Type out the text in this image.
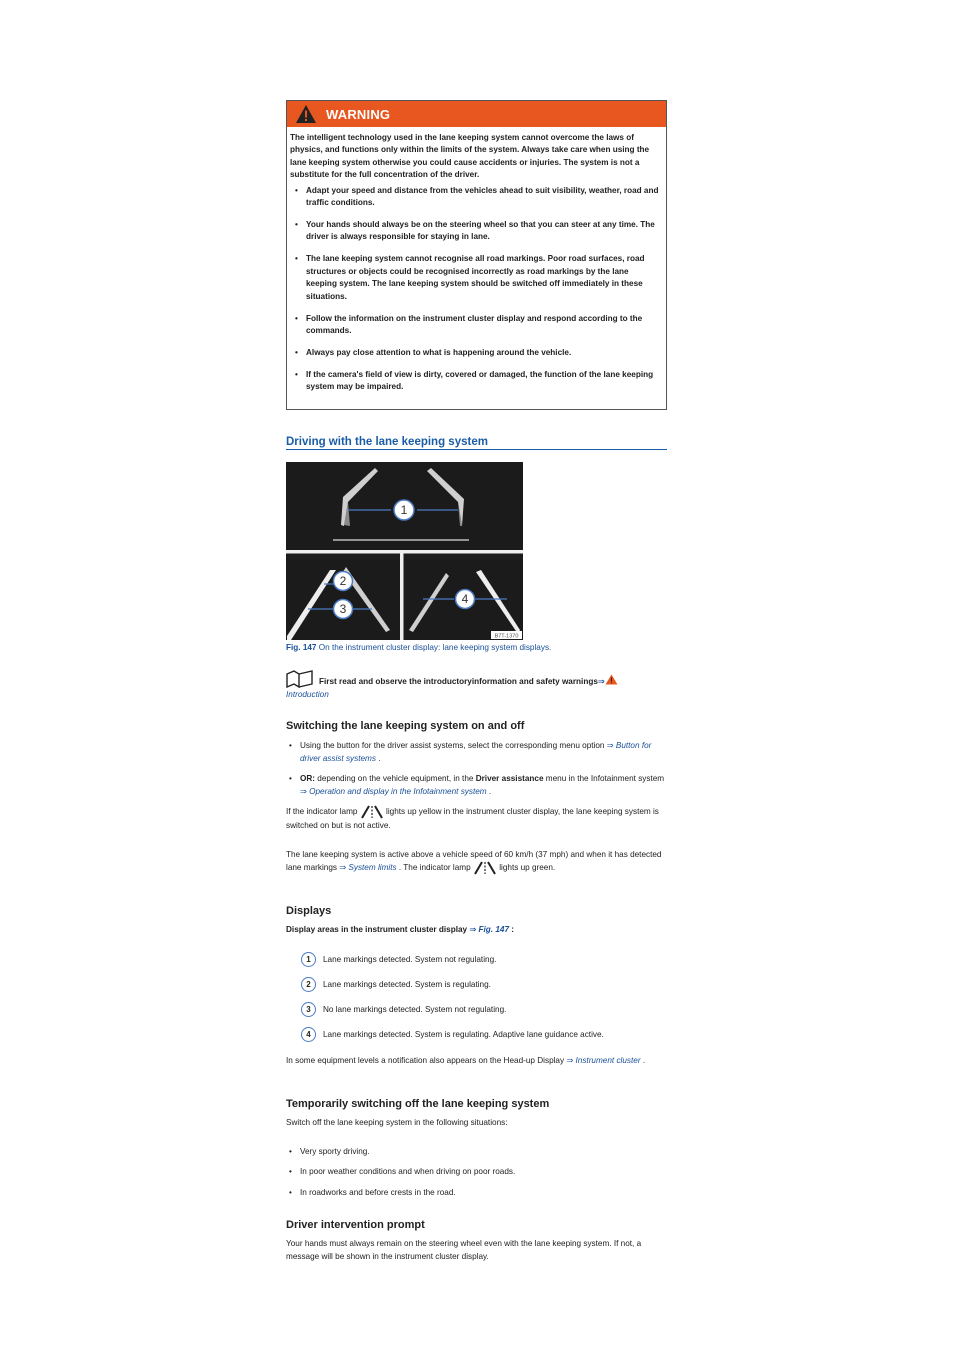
WARNING

The intelligent technology used in the lane keeping system cannot overcome the laws of physics, and functions only within the limits of the system. Always take care when using the lane keeping system otherwise you could cause accidents or injuries. The system is not a substitute for the full concentration of the driver.

• Adapt your speed and distance from the vehicles ahead to suit visibility, weather, road and traffic conditions.
• Your hands should always be on the steering wheel so that you can steer at any time. The driver is always responsible for staying in lane.
• The lane keeping system cannot recognise all road markings. Poor road surfaces, road structures or objects could be recognised incorrectly as road markings by the lane keeping system. The lane keeping system should be switched off immediately in these situations.
• Follow the information on the instrument cluster display and respond according to the commands.
• Always pay close attention to what is happening around the vehicle.
• If the camera's field of view is dirty, covered or damaged, the function of the lane keeping system may be impaired.
Driving with the lane keeping system
1
2
3
4
B7T-1370
Fig. 147 On the instrument cluster display: lane keeping system displays.
First read and observe the introductoryinformation and safety warnings⇒
Introduction
Switching the lane keeping system on and off
• Using the button for the driver assist systems, select the corresponding menu option ⇒ Button for driver assist systems .
• OR: depending on the vehicle equipment, in the Driver assistance menu in the Infotainment system ⇒ Operation and display in the Infotainment system .
If the indicator lamp	lights up yellow in the instrument cluster display, the lane keeping system is switched on but is not active.
The lane keeping system is active above a vehicle speed of 60 km/h (37 mph) and when it has detected lane markings ⇒ System limits . The indicator lamp	lights up green.
Displays
Display areas in the instrument cluster display ⇒ Fig. 147 :
1	Lane markings detected. System not regulating.
2	Lane markings detected. System is regulating.
3	No lane markings detected. System not regulating.
4	Lane markings detected. System is regulating. Adaptive lane guidance active.
In some equipment levels a notification also appears on the Head-up Display ⇒ Instrument cluster .
Temporarily switching off the lane keeping system
Switch off the lane keeping system in the following situations:
• Very sporty driving.
• In poor weather conditions and when driving on poor roads.
• In roadworks and before crests in the road.
Driver intervention prompt
Your hands must always remain on the steering wheel even with the lane keeping system. If not, a message will be shown in the instrument cluster display.
